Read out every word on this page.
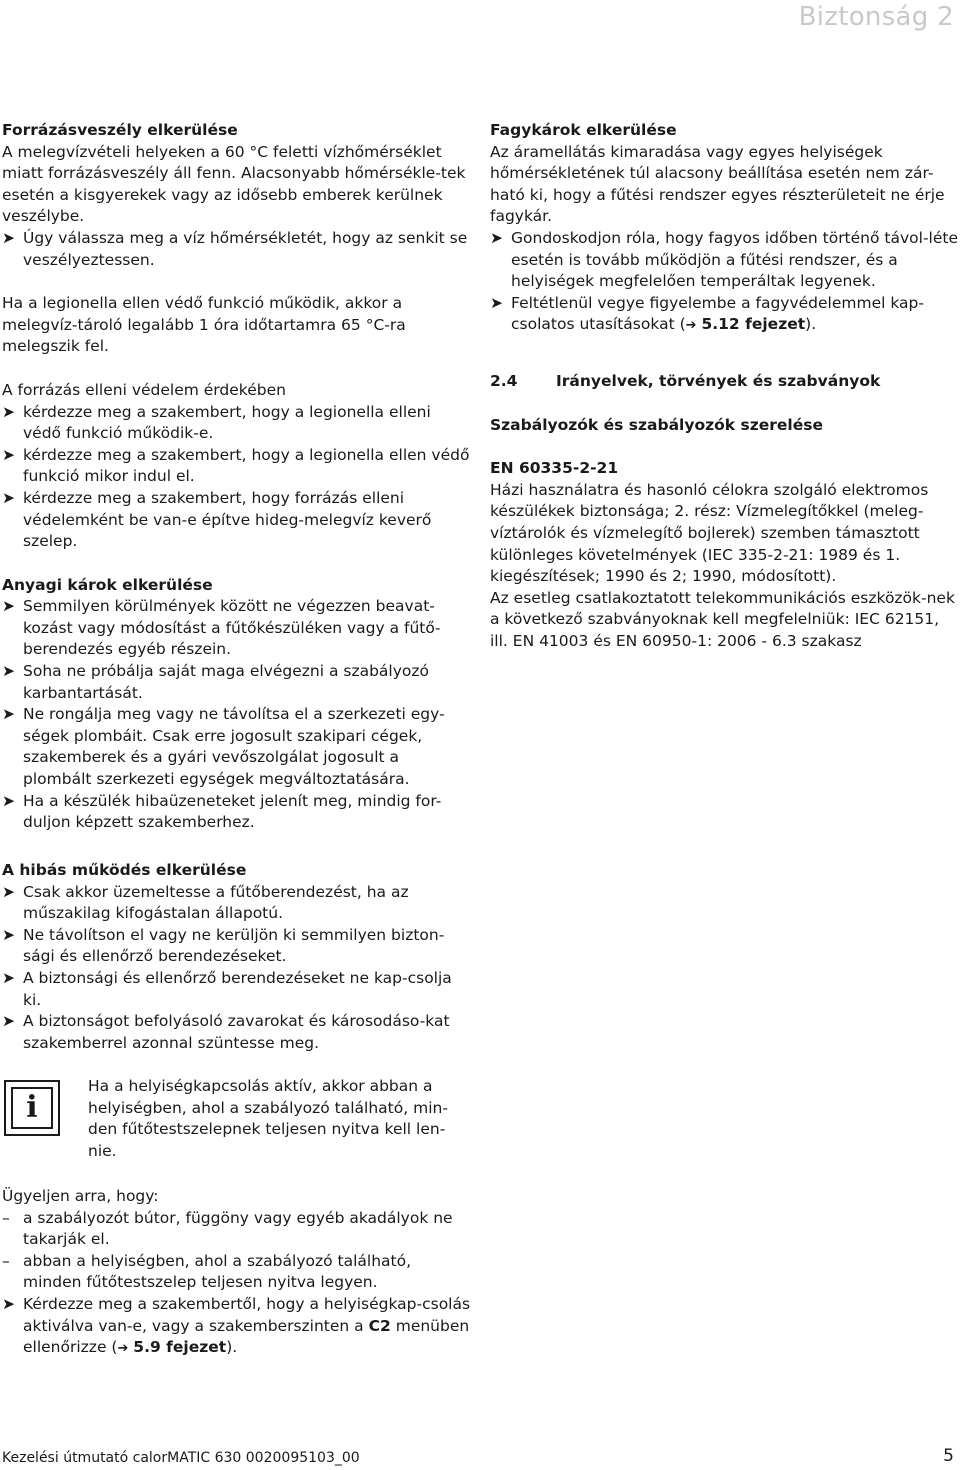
Biztonság 2

Forrázásveszély elkerülése

A melegvízvételi helyeken a 60 °C feletti vízhőmérséklet miatt forrázásveszély áll fenn. Alacsonyabb hőmérsékle-tek esetén a kisgyerekek vagy az idősebb emberek kerülnek veszélybe.

➤ Úgy válassza meg a víz hőmérsékletét, hogy az senkit se veszélyeztessen.

Ha a legionella ellen védő funkció működik, akkor a melegvíz-tároló legalább 1 óra időtartamra 65 °C-ra melegszik fel.

A forrázás elleni védelem érdekében

➤ kérdezze meg a szakembert, hogy a legionella elleni védő funkció működik-e.
➤ kérdezze meg a szakembert, hogy a legionella ellen védő funkció mikor indul el.
➤ kérdezze meg a szakembert, hogy forrázás elleni védelemként be van-e építve hideg-melegvíz keverő szelep.

Anyagi károk elkerülése

➤ Semmilyen körülmények között ne végezzen beavat-kozást vagy módosítást a fűtőkészüléken vagy a fűtő-berendezés egyéb részein.
➤ Soha ne próbálja saját maga elvégezni a szabályozó karbantartását.
➤ Ne rongálja meg vagy ne távolítsa el a szerkezeti egy-ségek plombáit. Csak erre jogosult szakipari cégek, szakemberek és a gyári vevőszolgálat jogosult a plombált szerkezeti egységek megváltoztatására.
➤ Ha a készülék hibaüzeneteket jelenít meg, mindig for-duljon képzett szakemberhez.

A hibás működés elkerülése

➤ Csak akkor üzemeltesse a fűtőberendezést, ha az műszakilag kifogástalan állapotú.
➤ Ne távolítson el vagy ne kerüljön ki semmilyen bizton-sági és ellenőrző berendezéseket.
➤ A biztonsági és ellenőrző berendezéseket ne kap-csolja ki.
➤ A biztonságot befolyásoló zavarokat és károsodáso-kat szakemberrel azonnal szüntesse meg.
i

Ha a helyiségkapcsolás aktív, akkor abban a helyiségben, ahol a szabályozó található, min-den fűtőtestszelepnek teljesen nyitva kell len-nie.

Ügyeljen arra, hogy:

– a szabályozót bútor, függöny vagy egyéb akadályok ne takarják el.
– abban a helyiségben, ahol a szabályozó található, minden fűtőtestszelep teljesen nyitva legyen.
➤ Kérdezze meg a szakembertől, hogy a helyiségkap-csolás aktiválva van-e, vagy a szakemberszinten a C2 menüben ellenőrizze (➔ 5.9 fejezet).

Fagykárok elkerülése

Az áramellátás kimaradása vagy egyes helyiségek hőmérsékletének túl alacsony beállítása esetén nem zár-ható ki, hogy a fűtési rendszer egyes részterületeit ne érje fagykár.

➤ Gondoskodjon róla, hogy fagyos időben történő távol-léte esetén is tovább működjön a fűtési rendszer, és a helyiségek megfelelően temperáltak legyenek.
➤ Feltétlenül vegye figyelembe a fagyvédelemmel kap-csolatos utasításokat (➔ 5.12 fejezet).

2.4 Irányelvek, törvények és szabványok

Szabályozók és szabályozók szerelése

EN 60335-2-21

Házi használatra és hasonló célokra szolgáló elektromos készülékek biztonsága; 2. rész: Vízmelegítőkkel (meleg-víztárolók és vízmelegítő bojlerek) szemben támasztott különleges követelmények (IEC 335-2-21: 1989 és 1. kiegészítések; 1990 és 2; 1990, módosított).

Az esetleg csatlakoztatott telekommunikációs eszközök-nek a következő szabványoknak kell megfelelniük: IEC 62151, ill. EN 41003 és EN 60950-1: 2006 - 6.3 szakasz

Kezelési útmutató calorMATIC 630 0020095103_00	5
